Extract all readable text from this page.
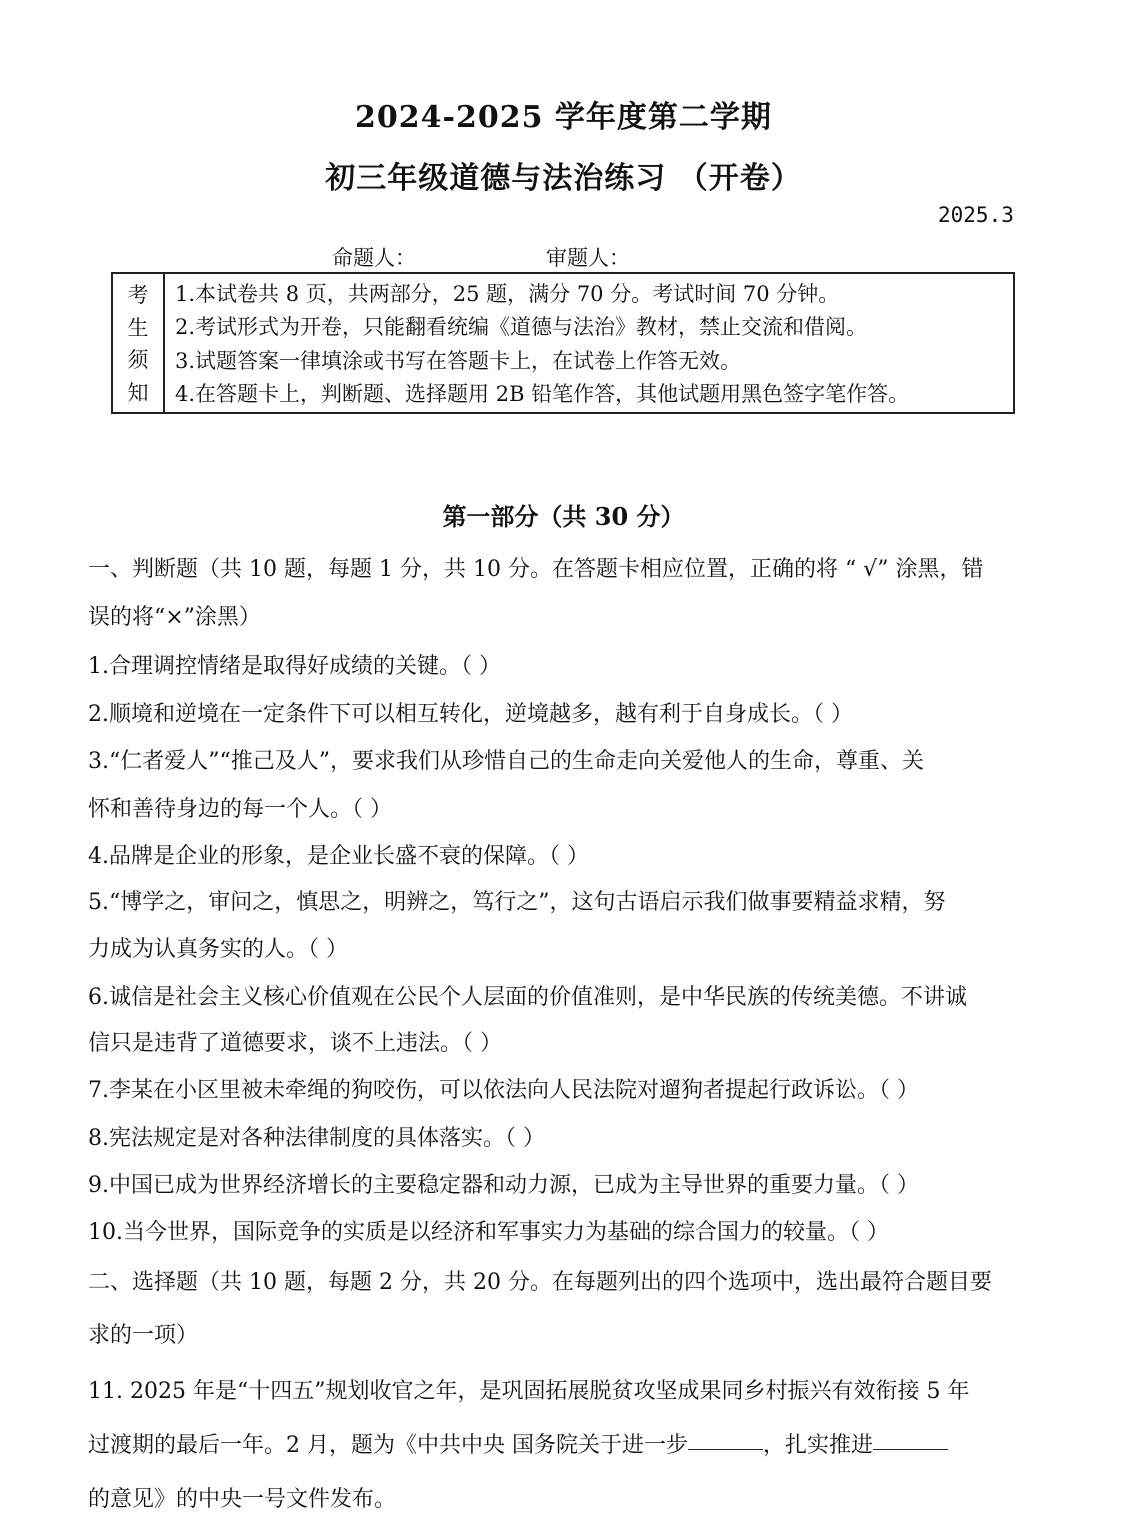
2024-2025 学年度第二学期
初三年级道德与法治练习 （开卷）
2025.3
命题人：	审题人：
考
生
须
知
1.本试卷共 8 页，共两部分，25 题，满分 70 分。考试时间 70 分钟。
2.考试形式为开卷，只能翻看统编《道德与法治》教材，禁止交流和借阅。
3.试题答案一律填涂或书写在答题卡上，在试卷上作答无效。
4.在答题卡上，判断题、选择题用 2B 铅笔作答，其他试题用黑色签字笔作答。
第一部分（共 30 分）
一、判断题（共 10 题，每题 1 分，共 10 分。在答题卡相应位置，正确的将 “ √” 涂黑，错
误的将“×”涂黑）
1.合理调控情绪是取得好成绩的关键。（ ）
2.顺境和逆境在一定条件下可以相互转化，逆境越多，越有利于自身成长。（ ）
3.“仁者爱人”“推己及人”，要求我们从珍惜自己的生命走向关爱他人的生命，尊重、关
怀和善待身边的每一个人。（ ）
4.品牌是企业的形象，是企业长盛不衰的保障。（ ）
5.“博学之，审问之，慎思之，明辨之，笃行之”，这句古语启示我们做事要精益求精，努
力成为认真务实的人。（ ）
6.诚信是社会主义核心价值观在公民个人层面的价值准则，是中华民族的传统美德。不讲诚
信只是违背了道德要求，谈不上违法。（ ）
7.李某在小区里被未牵绳的狗咬伤，可以依法向人民法院对遛狗者提起行政诉讼。（ ）
8.宪法规定是对各种法律制度的具体落实。（ ）
9.中国已成为世界经济增长的主要稳定器和动力源，已成为主导世界的重要力量。（ ）
10.当今世界，国际竞争的实质是以经济和军事实力为基础的综合国力的较量。（ ）
二、选择题（共 10 题，每题 2 分，共 20 分。在每题列出的四个选项中，选出最符合题目要
求的一项）
11. 2025 年是“十四五”规划收官之年，是巩固拓展脱贫攻坚成果同乡村振兴有效衔接 5 年
过渡期的最后一年。2 月，题为《中共中央 国务院关于进一步	，扎实推进
的意见》的中央一号文件发布。
